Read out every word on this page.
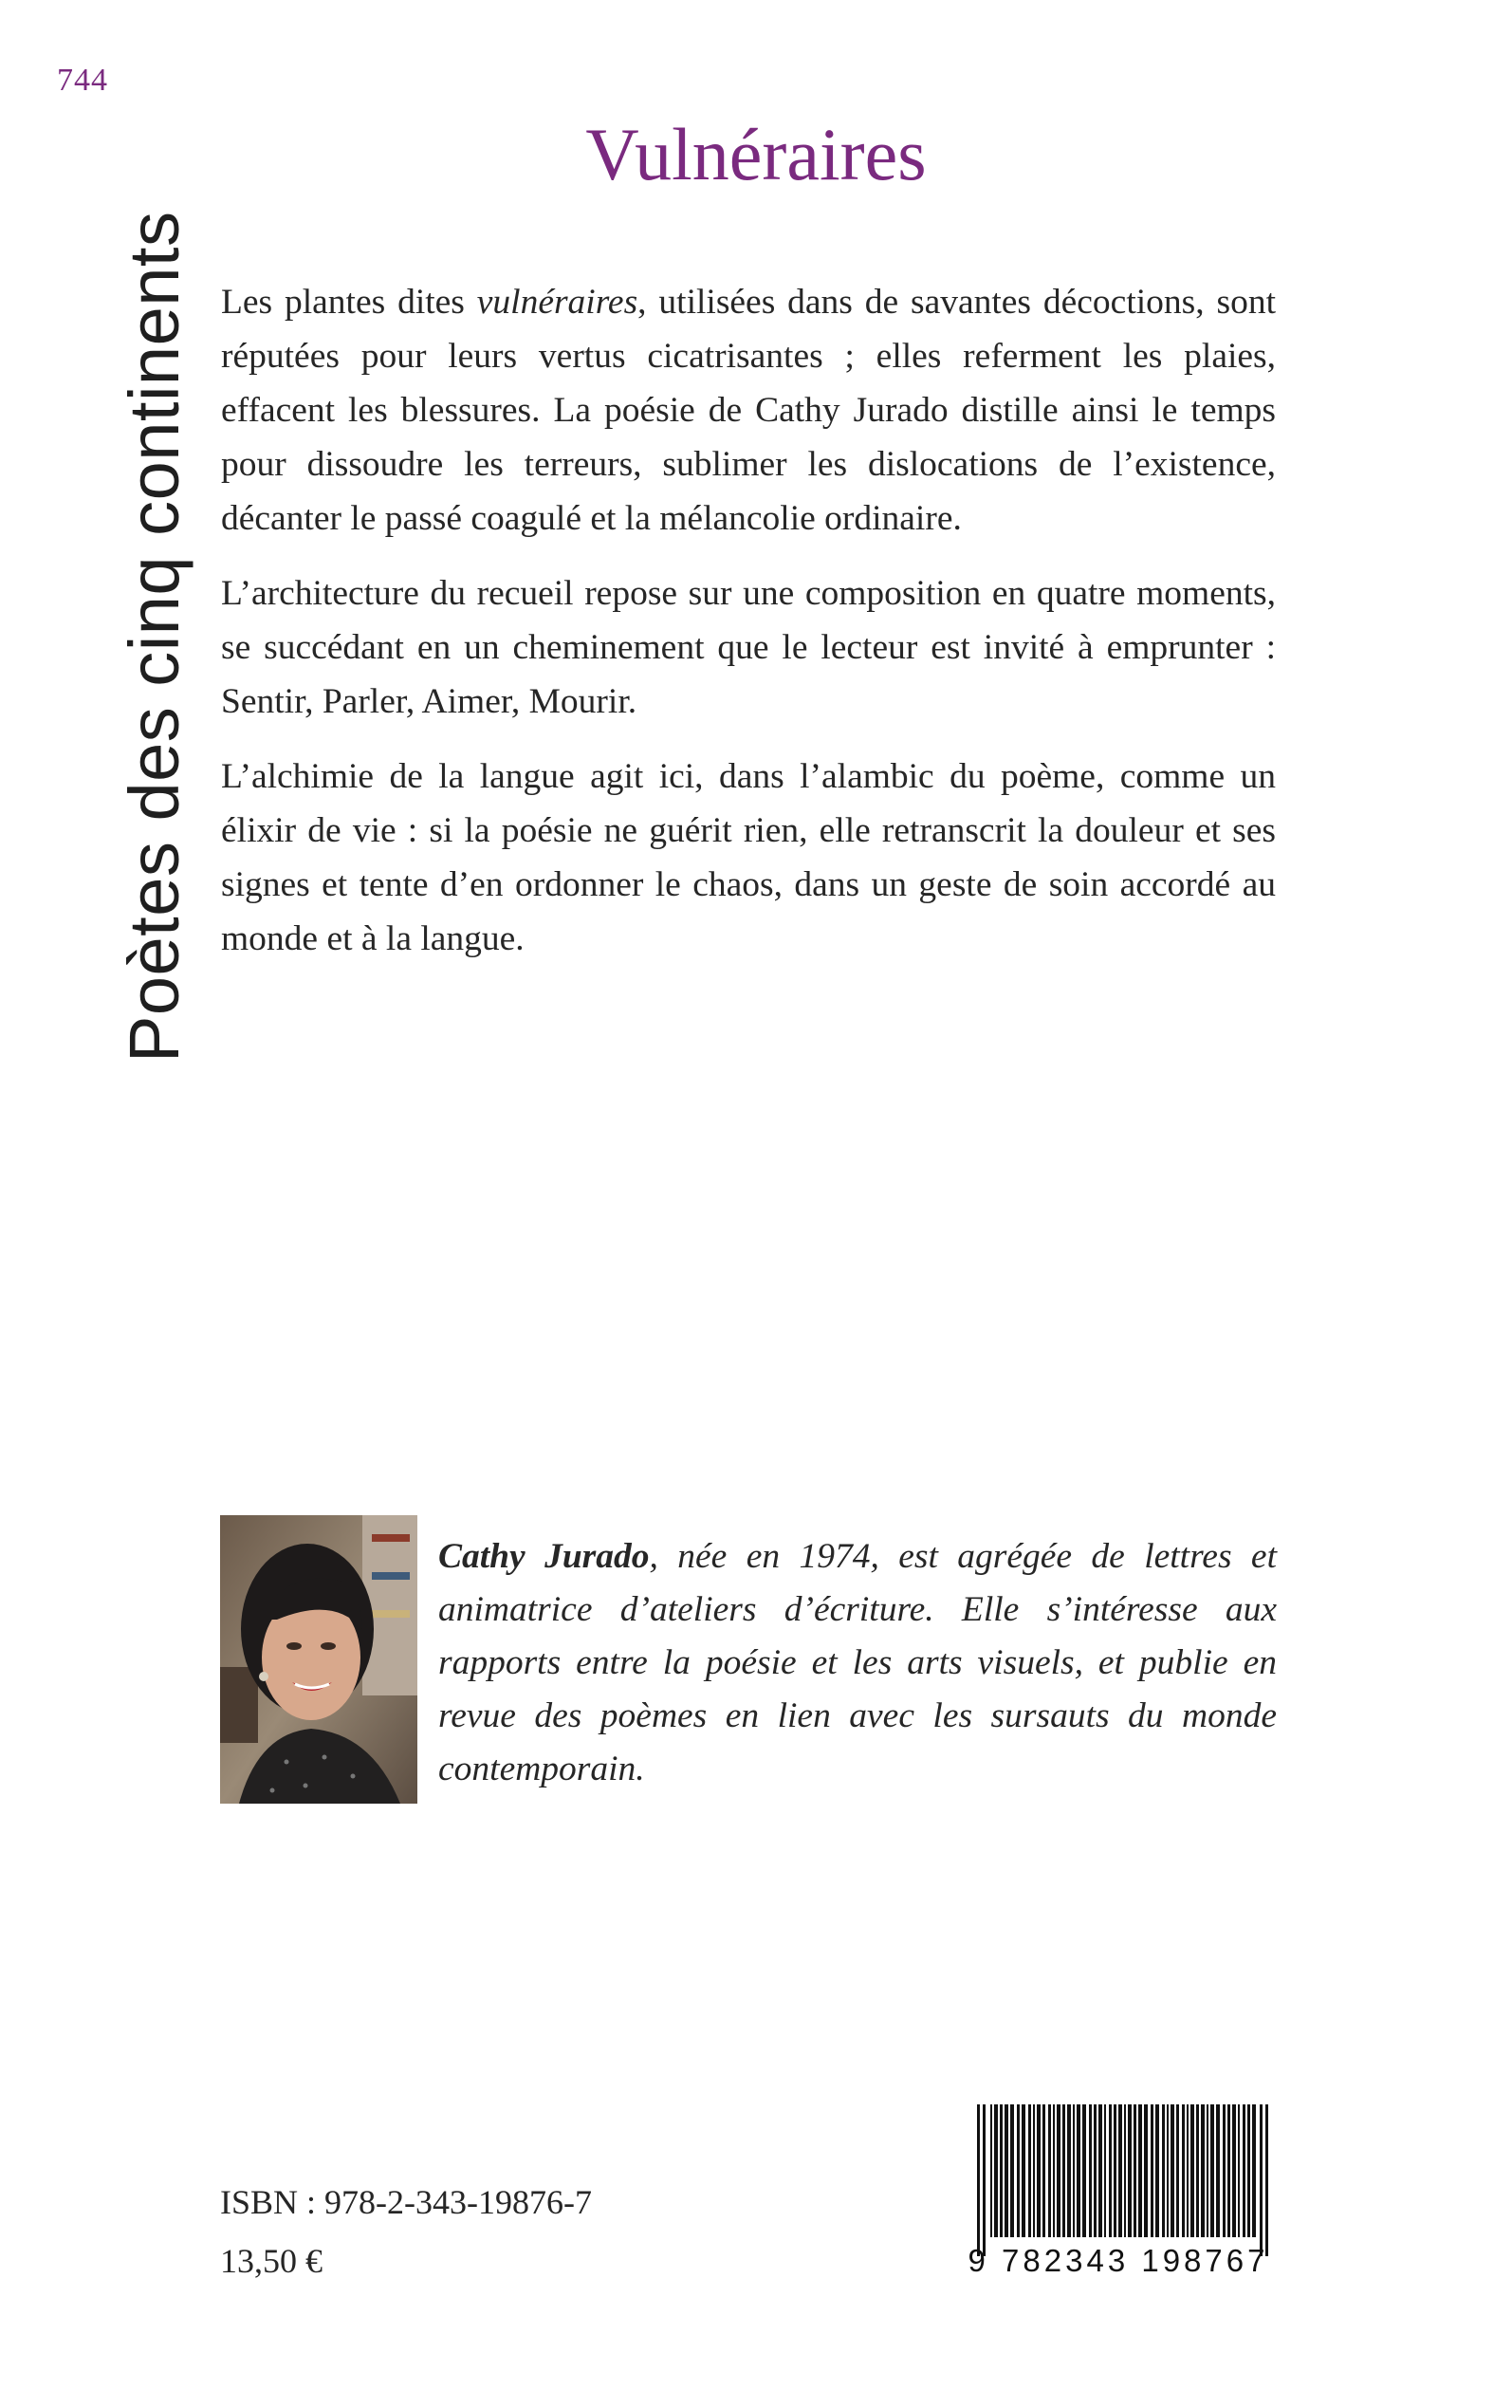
744
Poètes des cinq continents
Vulnéraires

Les plantes dites vulnéraires, utilisées dans de savantes décoctions, sont réputées pour leurs vertus cicatrisantes ; elles referment les plaies, effacent les blessures. La poésie de Cathy Jurado distille ainsi le temps pour dissoudre les terreurs, sublimer les dislocations de l’existence, décanter le passé coagulé et la mélancolie ordinaire.

L’architecture du recueil repose sur une composition en quatre moments, se succédant en un cheminement que le lecteur est invité à emprunter : Sentir, Parler, Aimer, Mourir.

L’alchimie de la langue agit ici, dans l’alambic du poème, comme un élixir de vie : si la poésie ne guérit rien, elle retranscrit la douleur et ses signes et tente d’en ordonner le chaos, dans un geste de soin accordé au monde et à la langue.

Cathy Jurado, née en 1974, est agrégée de lettres et animatrice d’ateliers d’écriture. Elle s’intéresse aux rapports entre la poésie et les arts visuels, et publie en revue des poèmes en lien avec les sursauts du monde contemporain.

ISBN : 978-2-343-19876-7
13,50 €	9 782343 198767
